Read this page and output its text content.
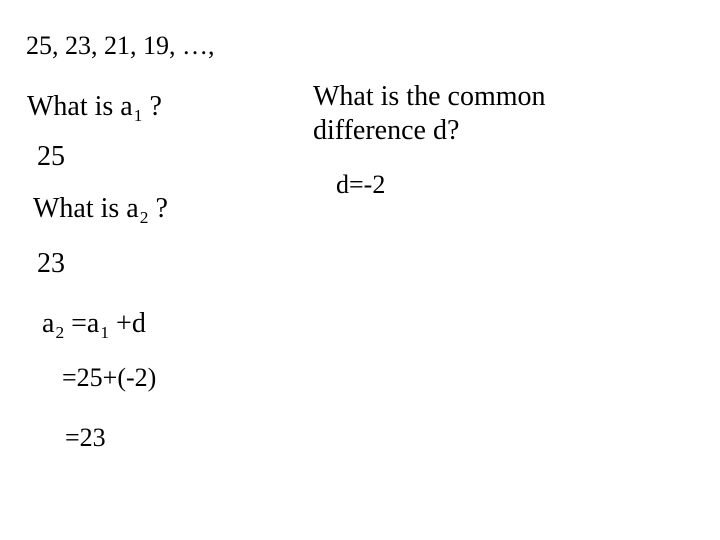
25, 23, 21, 19, …,
What is a1 ?
25
What is a2 ?
23
a2 =a1 +d
=25+(-2)
=23
What is the common
difference d?
d=-2
